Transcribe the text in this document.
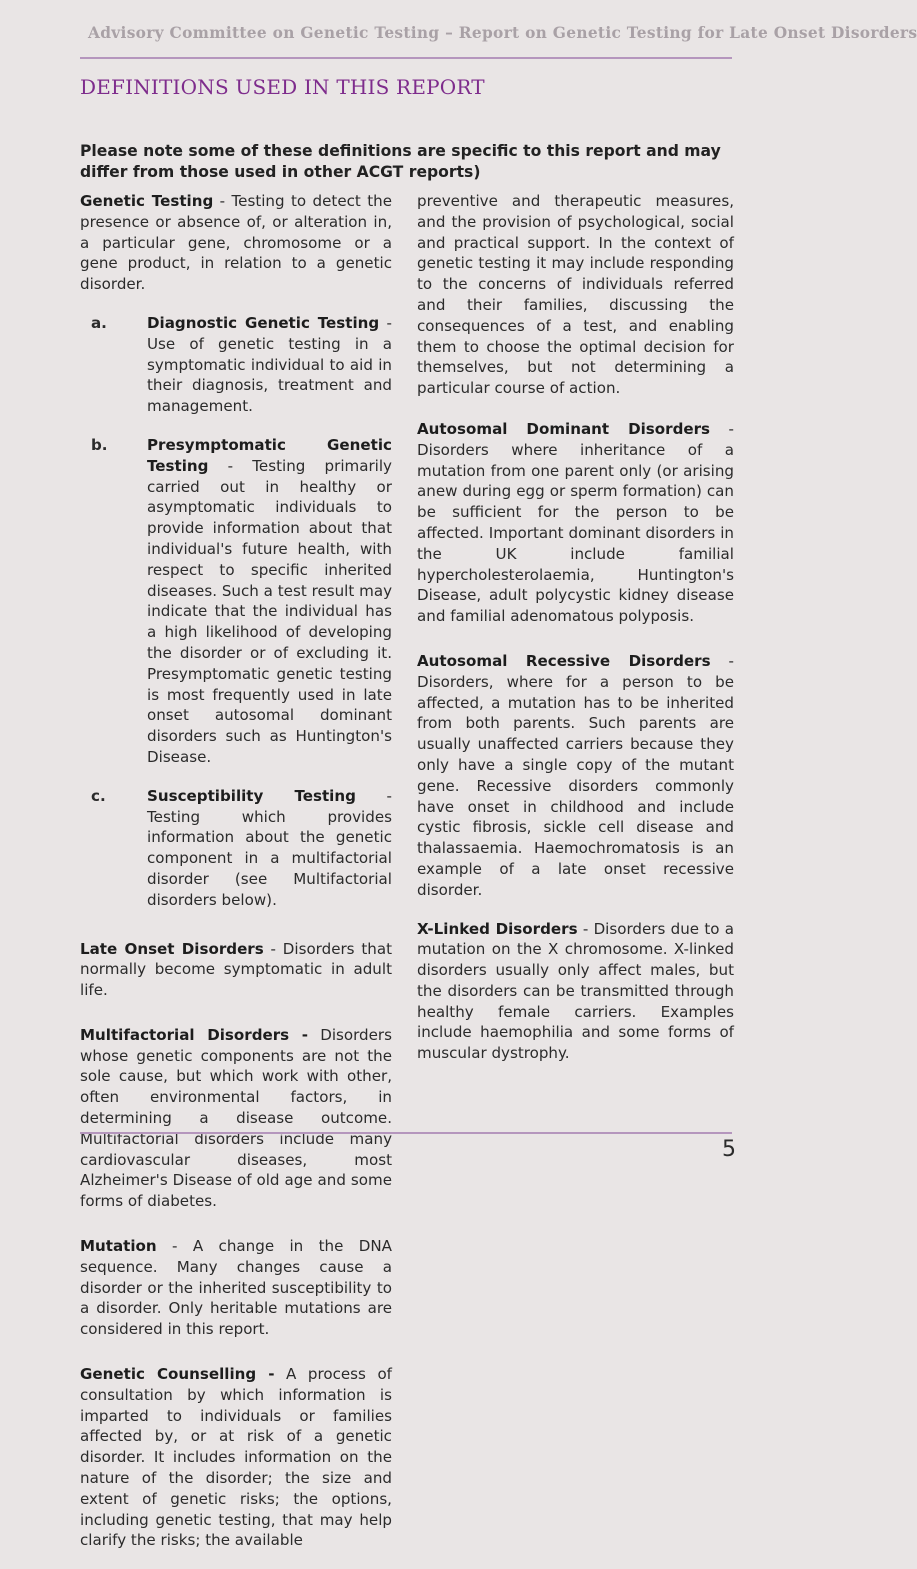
Advisory Committee on Genetic Testing – Report on Genetic Testing for Late Onset Disorders
DEFINITIONS USED IN THIS REPORT
Please note some of these definitions are specific to this report and may differ from those used in other ACGT reports)

Genetic Testing - Testing to detect the presence or absence of, or alteration in, a particular gene, chromosome or a gene product, in relation to a genetic disorder.

a.	Diagnostic Genetic Testing - Use of genetic testing in a symptomatic individual to aid in their diagnosis, treatment and management.
b.	Presymptomatic Genetic Testing - Testing primarily carried out in healthy or asymptomatic individuals to provide information about that individual's future health, with respect to specific inherited diseases. Such a test result may indicate that the individual has a high likelihood of developing the disorder or of excluding it. Presymptomatic genetic testing is most frequently used in late onset autosomal dominant disorders such as Huntington's Disease.
c.	Susceptibility Testing - Testing which provides information about the genetic component in a multifactorial disorder (see Multifactorial disorders below).

Late Onset Disorders - Disorders that normally become symptomatic in adult life.

Multifactorial Disorders - Disorders whose genetic components are not the sole cause, but which work with other, often environmental factors, in determining a disease outcome. Multifactorial disorders include many cardiovascular diseases, most Alzheimer's Disease of old age and some forms of diabetes.

Mutation - A change in the DNA sequence. Many changes cause a disorder or the inherited susceptibility to a disorder. Only heritable mutations are considered in this report.

Genetic Counselling - A process of consultation by which information is imparted to individuals or families affected by, or at risk of a genetic disorder. It includes information on the nature of the disorder; the size and extent of genetic risks; the options, including genetic testing, that may help clarify the risks; the available

preventive and therapeutic measures, and the provision of psychological, social and practical support. In the context of genetic testing it may include responding to the concerns of individuals referred and their families, discussing the consequences of a test, and enabling them to choose the optimal decision for themselves, but not determining a particular course of action.

Autosomal Dominant Disorders - Disorders where inheritance of a mutation from one parent only (or arising anew during egg or sperm formation) can be sufficient for the person to be affected. Important dominant disorders in the UK include familial hypercholesterolaemia, Huntington's Disease, adult polycystic kidney disease and familial adenomatous polyposis.

Autosomal Recessive Disorders - Disorders, where for a person to be affected, a mutation has to be inherited from both parents. Such parents are usually unaffected carriers because they only have a single copy of the mutant gene. Recessive disorders commonly have onset in childhood and include cystic fibrosis, sickle cell disease and thalassaemia. Haemochromatosis is an example of a late onset recessive disorder.

X-Linked Disorders - Disorders due to a mutation on the X chromosome. X-linked disorders usually only affect males, but the disorders can be transmitted through healthy female carriers. Examples include haemophilia and some forms of muscular dystrophy.

5
